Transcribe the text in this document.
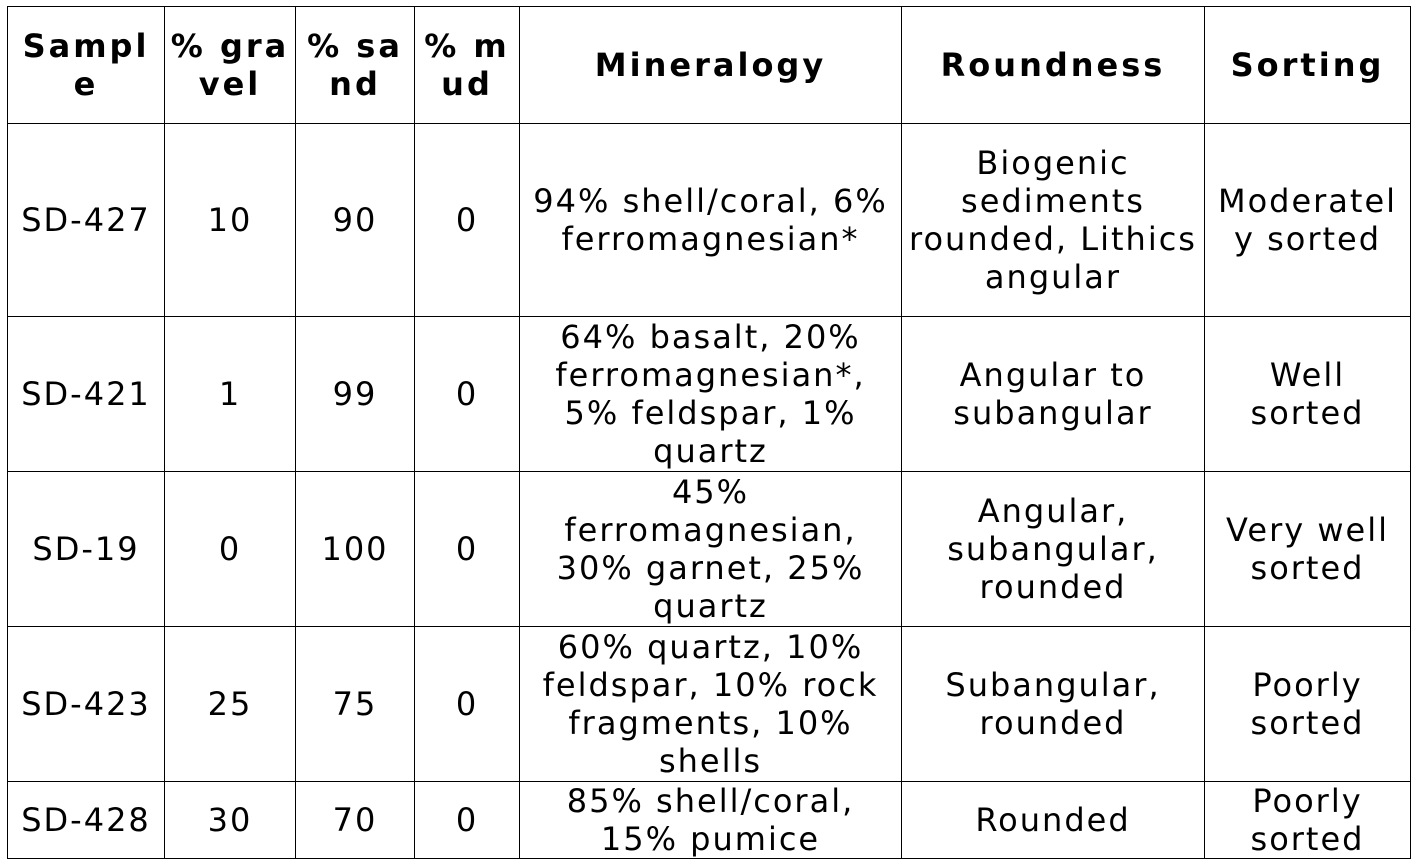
Sample	% gravel	% sand	% mud	Mineralogy	Roundness	Sorting
SD-427	10	90	0	94% shell/coral, 6% ferromagnesian*	Biogenic sediments rounded, Lithics angular	Moderately sorted
SD-421	1	99	0	64% basalt, 20% ferromagnesian*, 5% feldspar, 1% quartz	Angular to subangular	Well sorted
SD-19	0	100	0	45% ferromagnesian, 30% garnet, 25% quartz	Angular, subangular, rounded	Very well sorted
SD-423	25	75	0	60% quartz, 10% feldspar, 10% rock fragments, 10% shells	Subangular, rounded	Poorly sorted
SD-428	30	70	0	85% shell/coral, 15% pumice	Rounded	Poorly sorted
